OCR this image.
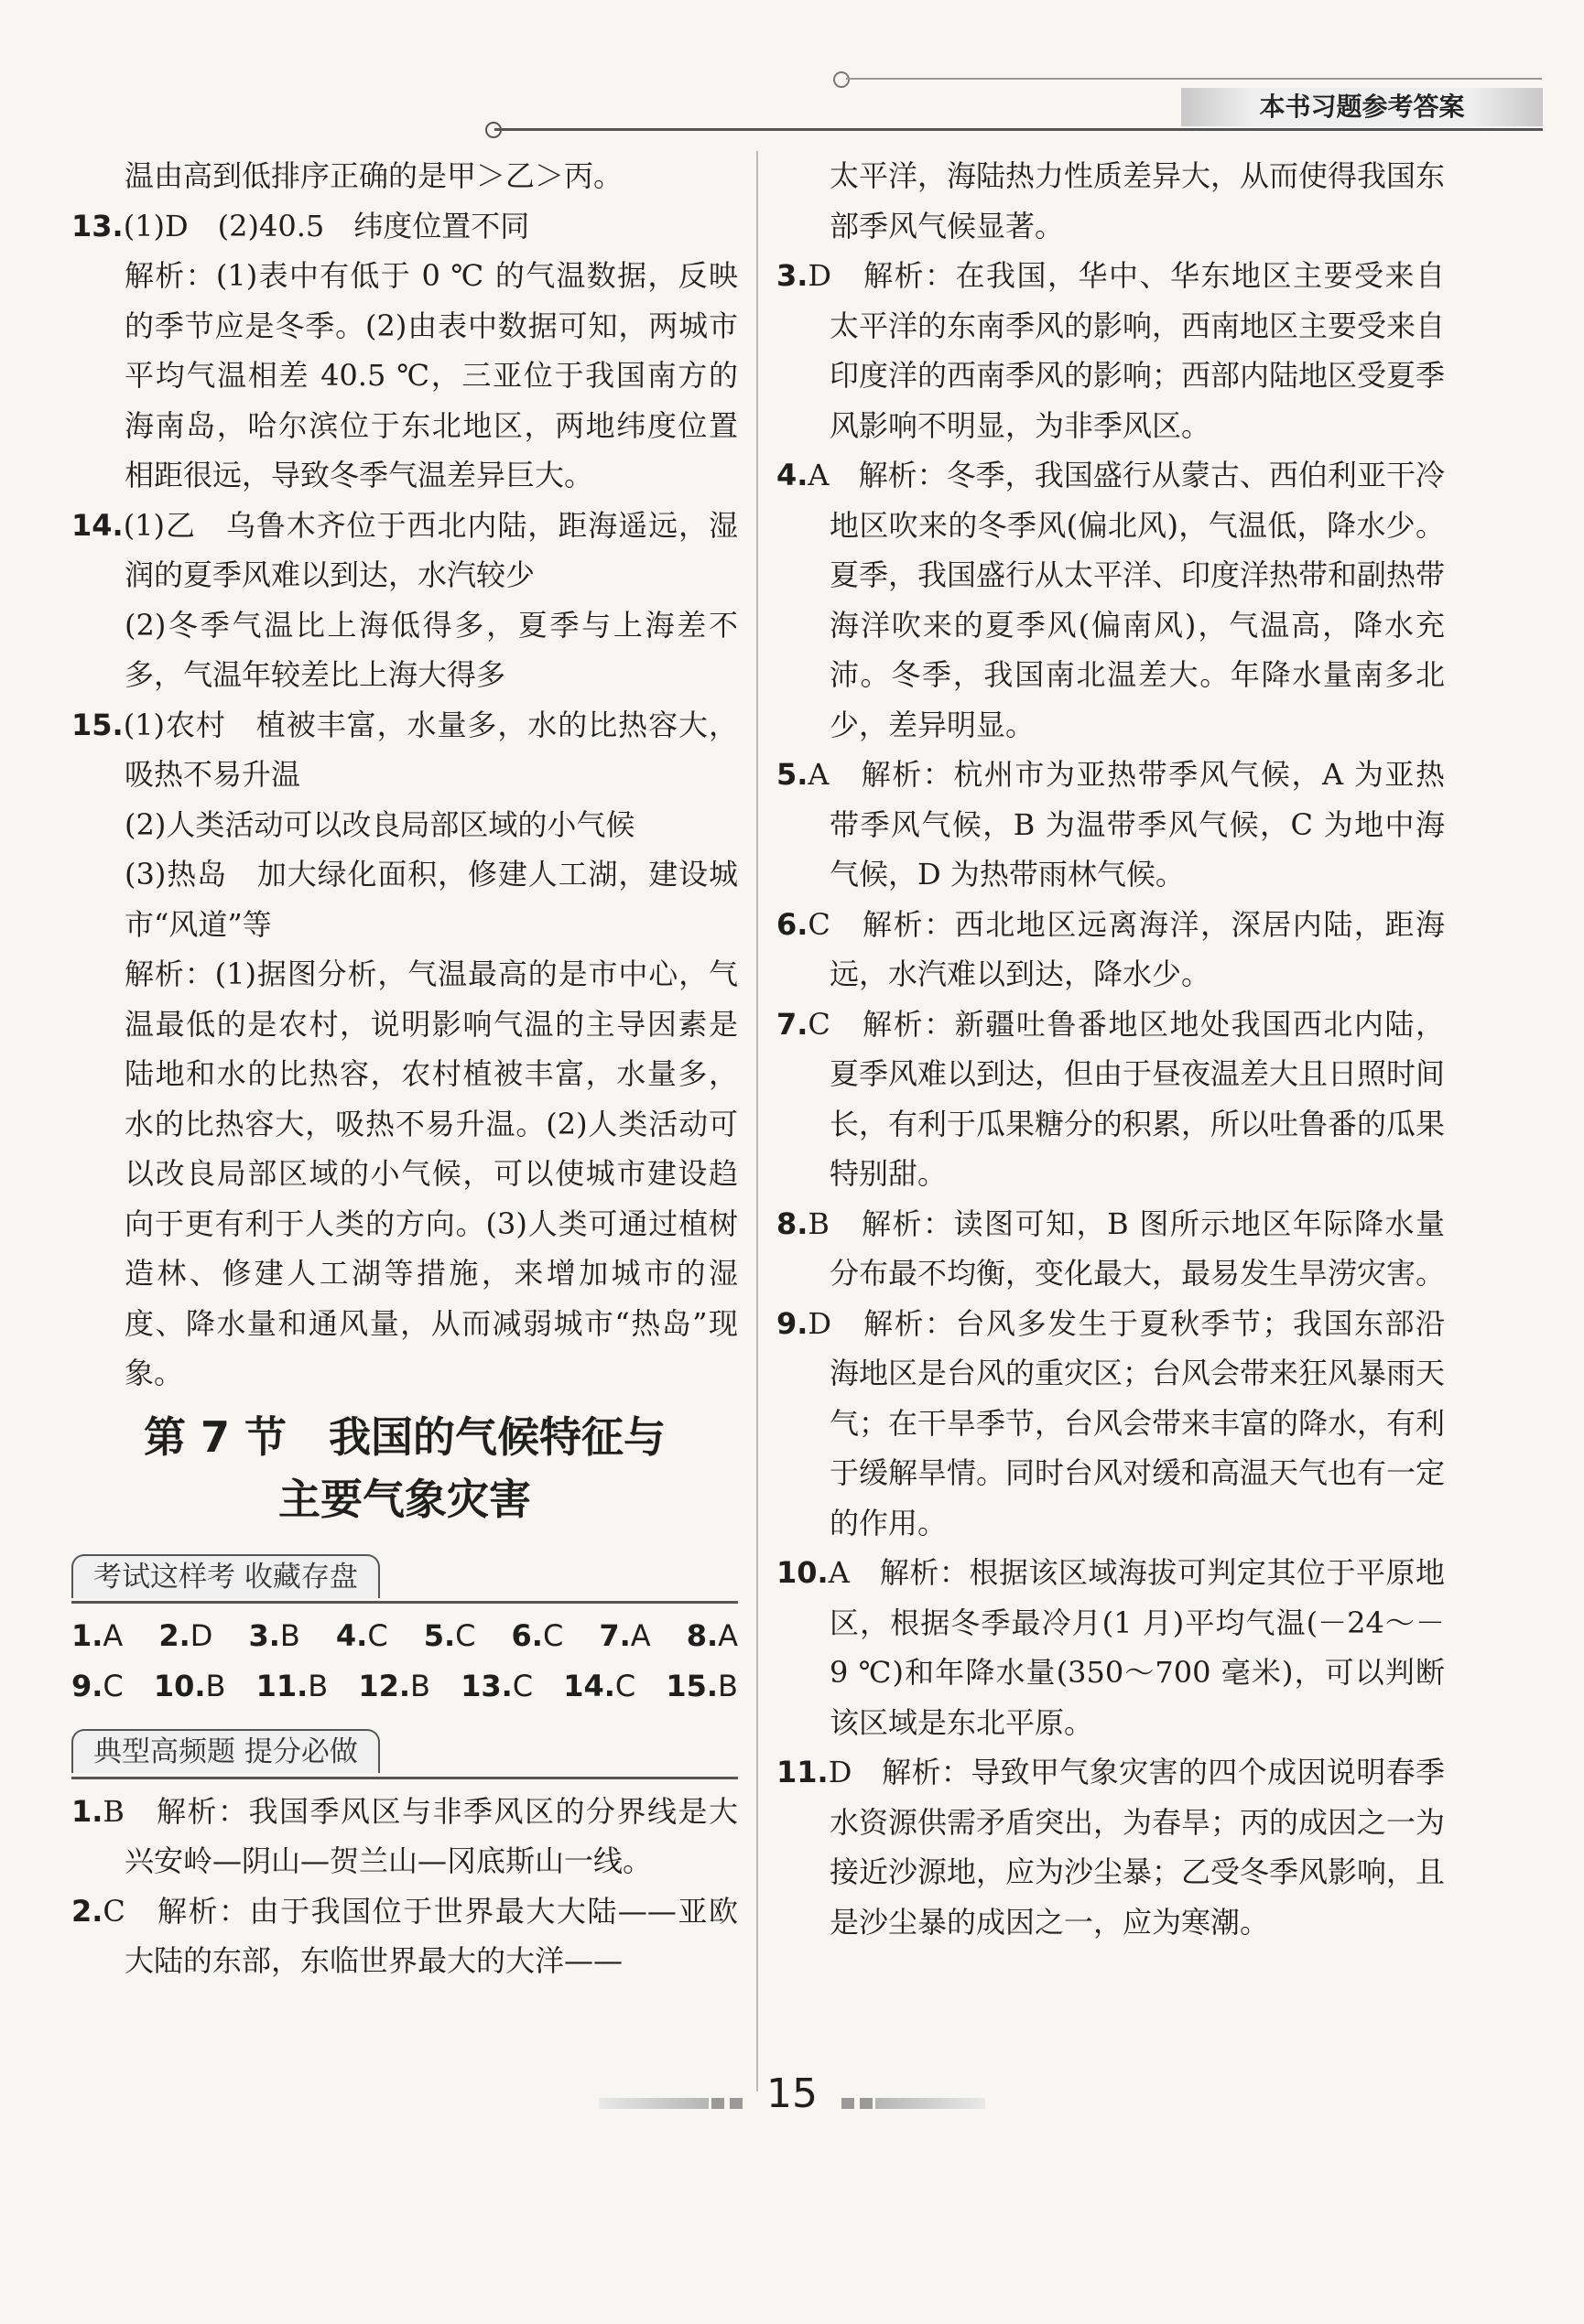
本书习题参考答案

温由高到低排序正确的是甲＞乙＞丙。

13.(1)D　(2)40.5　纬度位置不同

解析：(1)表中有低于 0 ℃ 的气温数据，反映的季节应是冬季。(2)由表中数据可知，两城市平均气温相差 40.5 ℃，三亚位于我国南方的海南岛，哈尔滨位于东北地区，两地纬度位置相距很远，导致冬季气温差异巨大。

14.(1)乙　乌鲁木齐位于西北内陆，距海遥远，湿润的夏季风难以到达，水汽较少

(2)冬季气温比上海低得多，夏季与上海差不多，气温年较差比上海大得多

15.(1)农村　植被丰富，水量多，水的比热容大，吸热不易升温

(2)人类活动可以改良局部区域的小气候

(3)热岛　加大绿化面积，修建人工湖，建设城市“风道”等

解析：(1)据图分析，气温最高的是市中心，气温最低的是农村，说明影响气温的主导因素是陆地和水的比热容，农村植被丰富，水量多，水的比热容大，吸热不易升温。(2)人类活动可以改良局部区域的小气候，可以使城市建设趋向于更有利于人类的方向。(3)人类可通过植树造林、修建人工湖等措施，来增加城市的湿度、降水量和通风量，从而减弱城市“热岛”现象。

第 7 节　我国的气候特征与
主要气象灾害
考试这样考 收藏存盘
1.A 2.D 3.B 4.C 5.C 6.C 7.A 8.A
9.C 10.B 11.B 12.B 13.C 14.C 15.B
典型高频题 提分必做

1.B　解析：我国季风区与非季风区的分界线是大兴安岭—阴山—贺兰山—冈底斯山一线。

2.C　解析：由于我国位于世界最大大陆——亚欧大陆的东部，东临世界最大的大洋——

太平洋，海陆热力性质差异大，从而使得我国东部季风气候显著。

3.D　解析：在我国，华中、华东地区主要受来自太平洋的东南季风的影响，西南地区主要受来自印度洋的西南季风的影响；西部内陆地区受夏季风影响不明显，为非季风区。

4.A　解析：冬季，我国盛行从蒙古、西伯利亚干冷地区吹来的冬季风(偏北风)，气温低，降水少。夏季，我国盛行从太平洋、印度洋热带和副热带海洋吹来的夏季风(偏南风)，气温高，降水充沛。冬季，我国南北温差大。年降水量南多北少，差异明显。

5.A　解析：杭州市为亚热带季风气候，A 为亚热带季风气候，B 为温带季风气候，C 为地中海气候，D 为热带雨林气候。

6.C　解析：西北地区远离海洋，深居内陆，距海远，水汽难以到达，降水少。

7.C　解析：新疆吐鲁番地区地处我国西北内陆，夏季风难以到达，但由于昼夜温差大且日照时间长，有利于瓜果糖分的积累，所以吐鲁番的瓜果特别甜。

8.B　解析：读图可知，B 图所示地区年际降水量分布最不均衡，变化最大，最易发生旱涝灾害。

9.D　解析：台风多发生于夏秋季节；我国东部沿海地区是台风的重灾区；台风会带来狂风暴雨天气；在干旱季节，台风会带来丰富的降水，有利于缓解旱情。同时台风对缓和高温天气也有一定的作用。

10.A　解析：根据该区域海拔可判定其位于平原地区，根据冬季最冷月(1 月)平均气温(－24～－9 ℃)和年降水量(350～700 毫米)，可以判断该区域是东北平原。

11.D　解析：导致甲气象灾害的四个成因说明春季水资源供需矛盾突出，为春旱；丙的成因之一为接近沙源地，应为沙尘暴；乙受冬季风影响，且是沙尘暴的成因之一，应为寒潮。

15
